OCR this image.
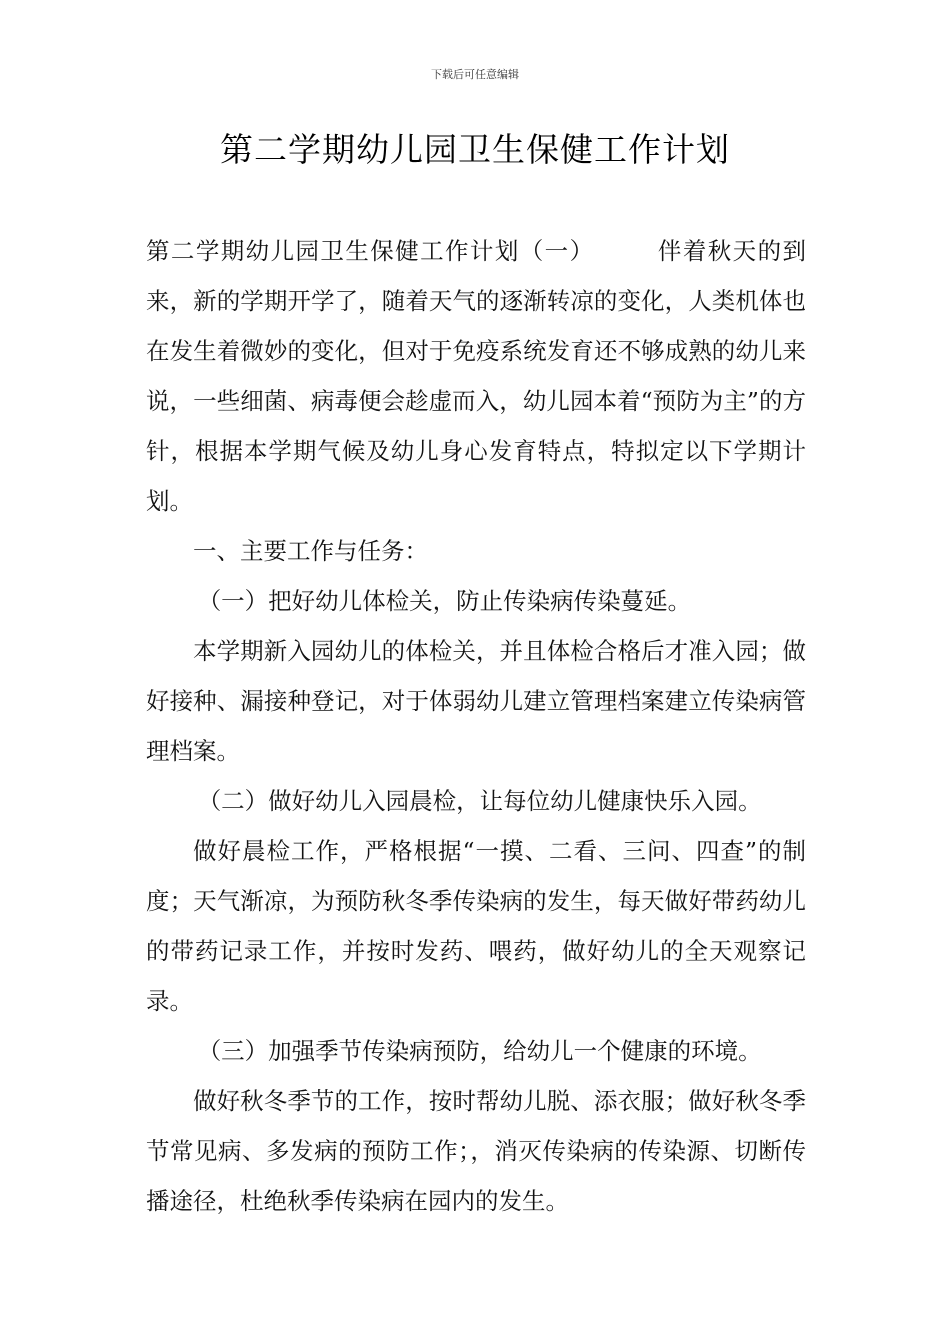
下载后可任意编辑
第二学期幼儿园卫生保健工作计划

第二学期幼儿园卫生保健工作计划（一）	伴着秋天的到来，新的学期开学了，随着天气的逐渐转凉的变化，人类机体也在发生着微妙的变化，但对于免疫系统发育还不够成熟的幼儿来说，一些细菌、病毒便会趁虚而入，幼儿园本着“预防为主”的方针，根据本学期气候及幼儿身心发育特点，特拟定以下学期计划。

一、主要工作与任务：

（一）把好幼儿体检关，防止传染病传染蔓延。

本学期新入园幼儿的体检关，并且体检合格后才准入园；做好接种、漏接种登记，对于体弱幼儿建立管理档案建立传染病管理档案。

（二）做好幼儿入园晨检，让每位幼儿健康快乐入园。

做好晨检工作，严格根据“一摸、二看、三问、四查”的制度；天气渐凉，为预防秋冬季传染病的发生，每天做好带药幼儿的带药记录工作，并按时发药、喂药，做好幼儿的全天观察记录。

（三）加强季节传染病预防，给幼儿一个健康的环境。

做好秋冬季节的工作，按时帮幼儿脱、添衣服；做好秋冬季节常见病、多发病的预防工作；，消灭传染病的传染源、切断传播途径，杜绝秋季传染病在园内的发生。
